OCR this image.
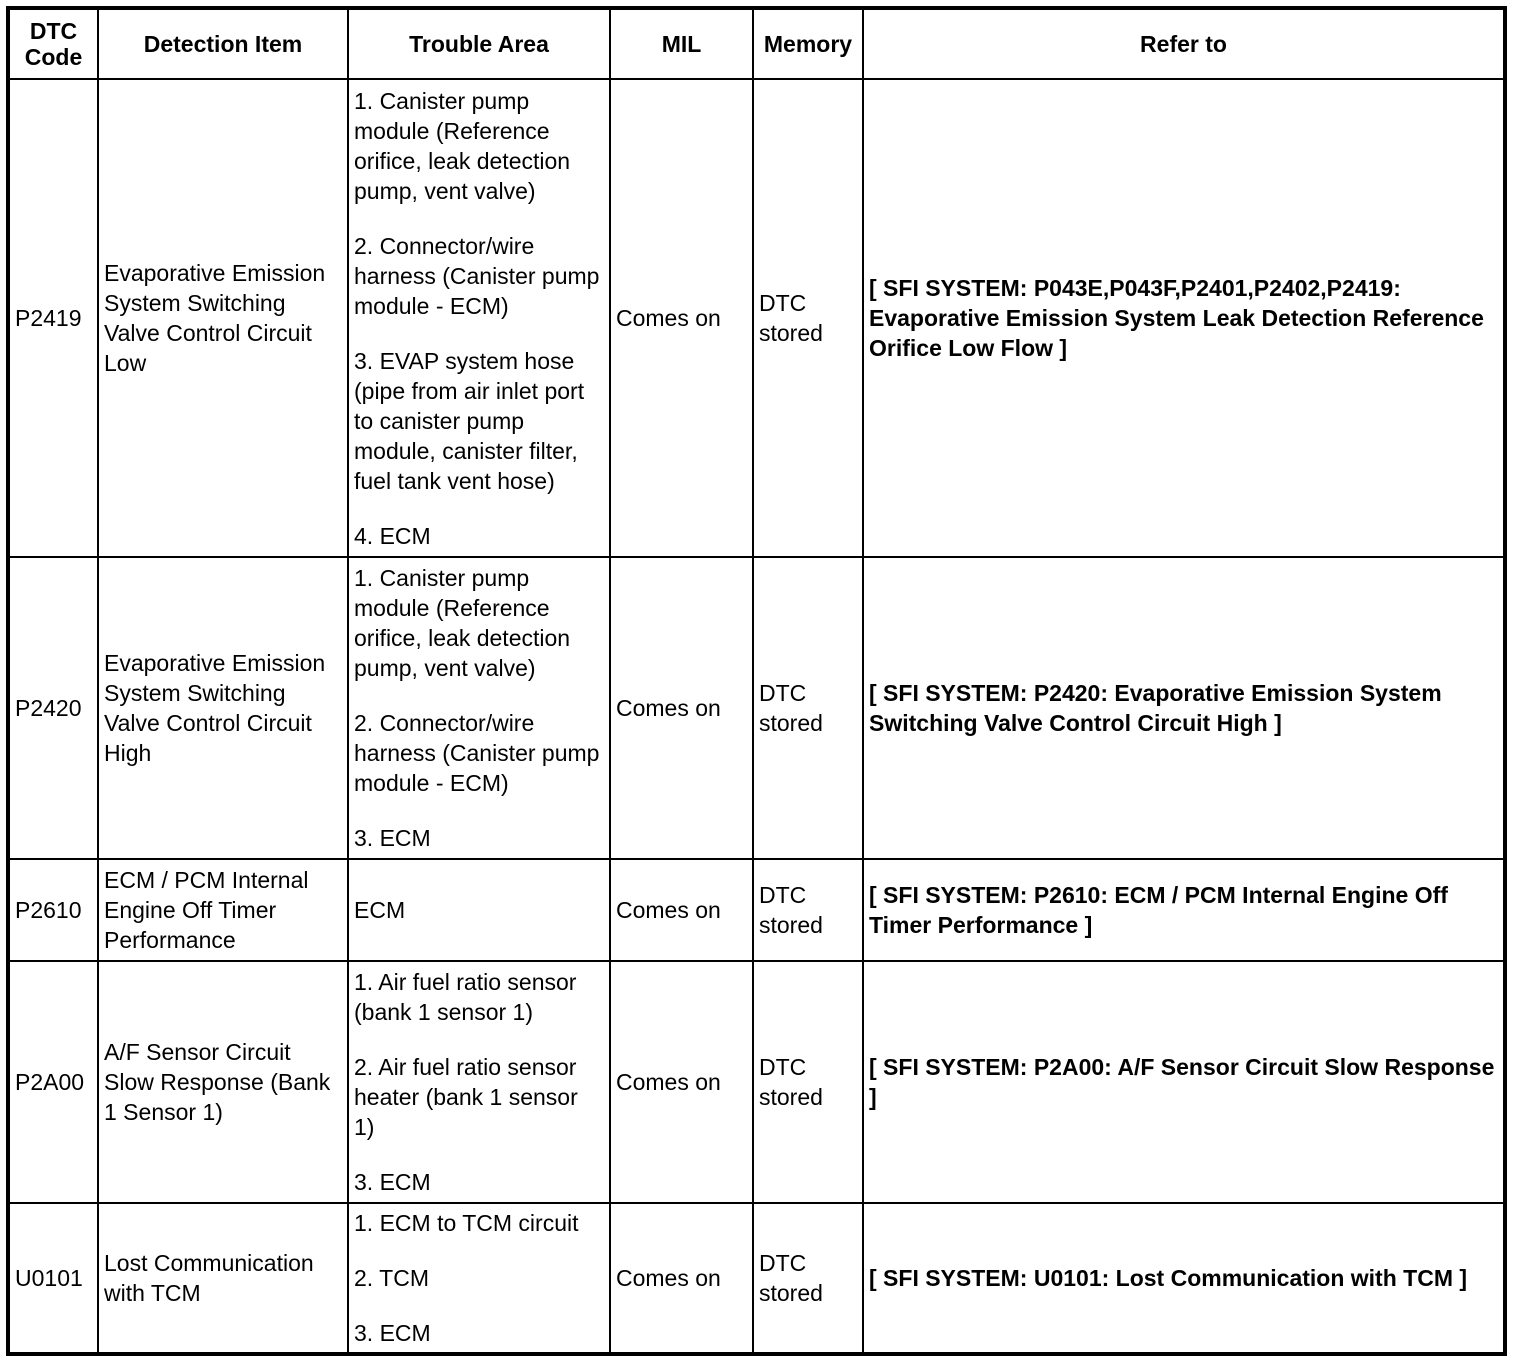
DTC Code	Detection Item	Trouble Area	MIL	Memory	Refer to
P2419	Evaporative Emission System Switching Valve Control Circuit Low	1. Canister pump module (Reference orifice, leak detection pump, vent valve)
2. Connector/wire harness (Canister pump module - ECM)
3. EVAP system hose (pipe from air inlet port to canister pump module, canister filter, fuel tank vent hose)
4. ECM	Comes on	DTC stored	[ SFI SYSTEM: P043E,P043F,P2401,P2402,P2419: Evaporative Emission System Leak Detection Reference Orifice Low Flow ]
P2420	Evaporative Emission System Switching Valve Control Circuit High	1. Canister pump module (Reference orifice, leak detection pump, vent valve)
2. Connector/wire harness (Canister pump module - ECM)
3. ECM	Comes on	DTC stored	[ SFI SYSTEM: P2420: Evaporative Emission System Switching Valve Control Circuit High ]
P2610	ECM / PCM Internal Engine Off Timer Performance	ECM	Comes on	DTC stored	[ SFI SYSTEM: P2610: ECM / PCM Internal Engine Off Timer Performance ]
P2A00	A/F Sensor Circuit Slow Response (Bank 1 Sensor 1)	1. Air fuel ratio sensor (bank 1 sensor 1)
2. Air fuel ratio sensor heater (bank 1 sensor 1)
3. ECM	Comes on	DTC stored	[ SFI SYSTEM: P2A00: A/F Sensor Circuit Slow Response ]
U0101	Lost Communication with TCM	1. ECM to TCM circuit
2. TCM
3. ECM	Comes on	DTC stored	[ SFI SYSTEM: U0101: Lost Communication with TCM ]
